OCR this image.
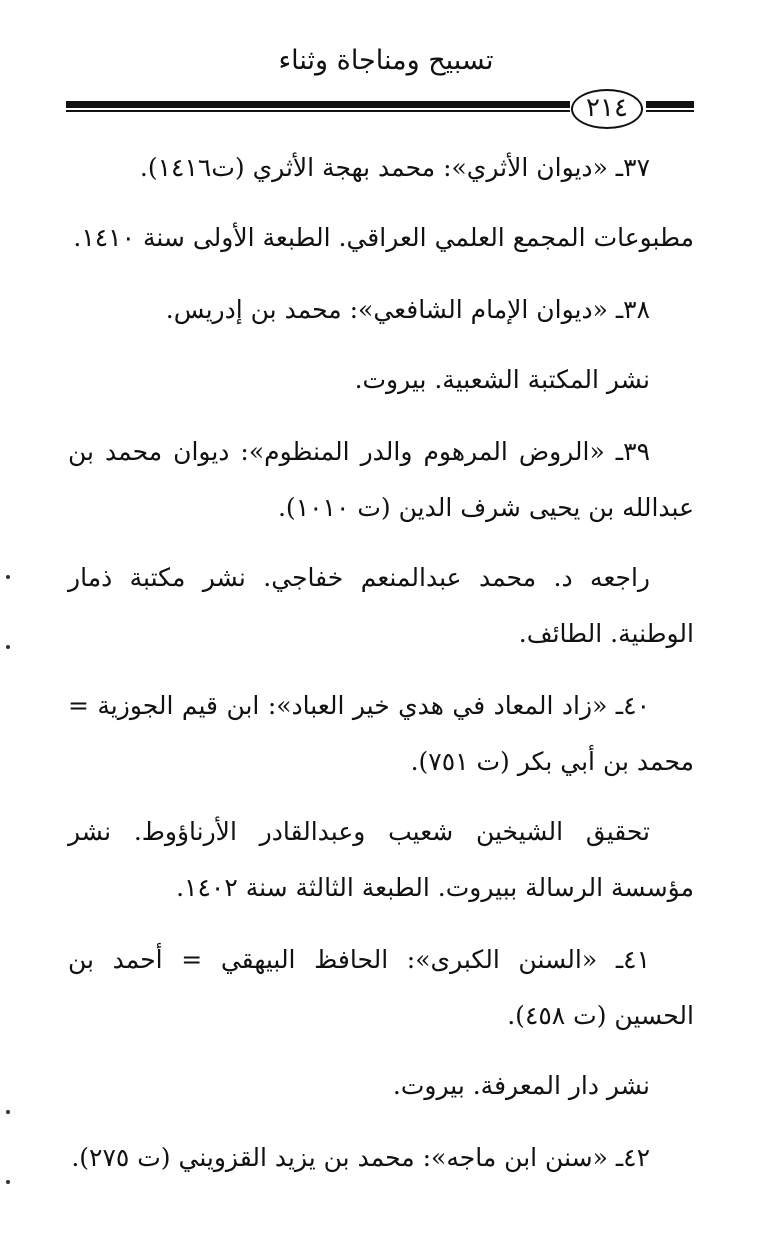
تسبيح ومناجاة وثناء
٢١٤

٣٧ـ «ديوان الأثري»: محمد بهجة الأثري (ت١٤١٦).

مطبوعات المجمع العلمي العراقي. الطبعة الأولى سنة ١٤١٠.

٣٨ـ «ديوان الإمام الشافعي»: محمد بن إدريس.

نشر المكتبة الشعبية. بيروت.

٣٩ـ «الروض المرهوم والدر المنظوم»: ديوان محمد بن عبدالله بن يحيى شرف الدين (ت ١٠١٠).

راجعه د. محمد عبدالمنعم خفاجي. نشر مكتبة ذمار الوطنية. الطائف.

٤٠ـ «زاد المعاد في هدي خير العباد»: ابن قيم الجوزية = محمد بن أبي بكر (ت ٧٥١).

تحقيق الشيخين شعيب وعبدالقادر الأرناؤوط. نشر مؤسسة الرسالة ببيروت. الطبعة الثالثة سنة ١٤٠٢.

٤١ـ «السنن الكبرى»: الحافظ البيهقي = أحمد بن الحسين (ت ٤٥٨).

نشر دار المعرفة. بيروت.

٤٢ـ «سنن ابن ماجه»: محمد بن يزيد القزويني (ت ٢٧٥).
